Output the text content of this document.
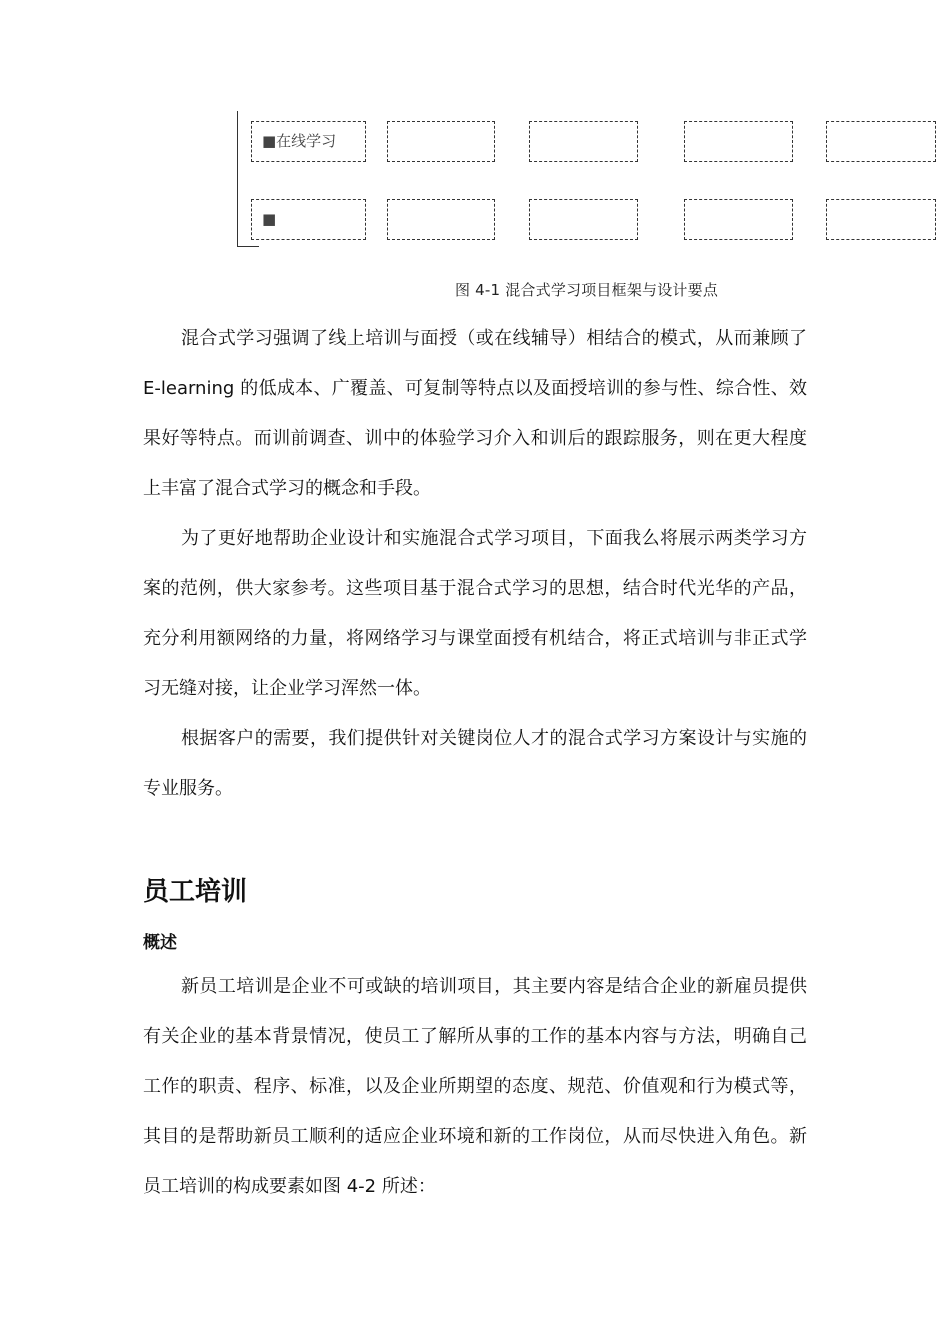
■在线学习
■
图 4-1 混合式学习项目框架与设计要点

混合式学习强调了线上培训与面授（或在线辅导）相结合的模式，从而兼顾了 E-learning 的低成本、广覆盖、可复制等特点以及面授培训的参与性、综合性、效果好等特点。而训前调查、训中的体验学习介入和训后的跟踪服务，则在更大程度上丰富了混合式学习的概念和手段。

为了更好地帮助企业设计和实施混合式学习项目，下面我么将展示两类学习方案的范例，供大家参考。这些项目基于混合式学习的思想，结合时代光华的产品，充分利用额网络的力量，将网络学习与课堂面授有机结合，将正式培训与非正式学习无缝对接，让企业学习浑然一体。

根据客户的需要，我们提供针对关键岗位人才的混合式学习方案设计与实施的专业服务。

员工培训
概述

新员工培训是企业不可或缺的培训项目，其主要内容是结合企业的新雇员提供有关企业的基本背景情况，使员工了解所从事的工作的基本内容与方法，明确自己工作的职责、程序、标准，以及企业所期望的态度、规范、价值观和行为模式等，其目的是帮助新员工顺利的适应企业环境和新的工作岗位，从而尽快进入角色。新员工培训的构成要素如图 4-2 所述：
